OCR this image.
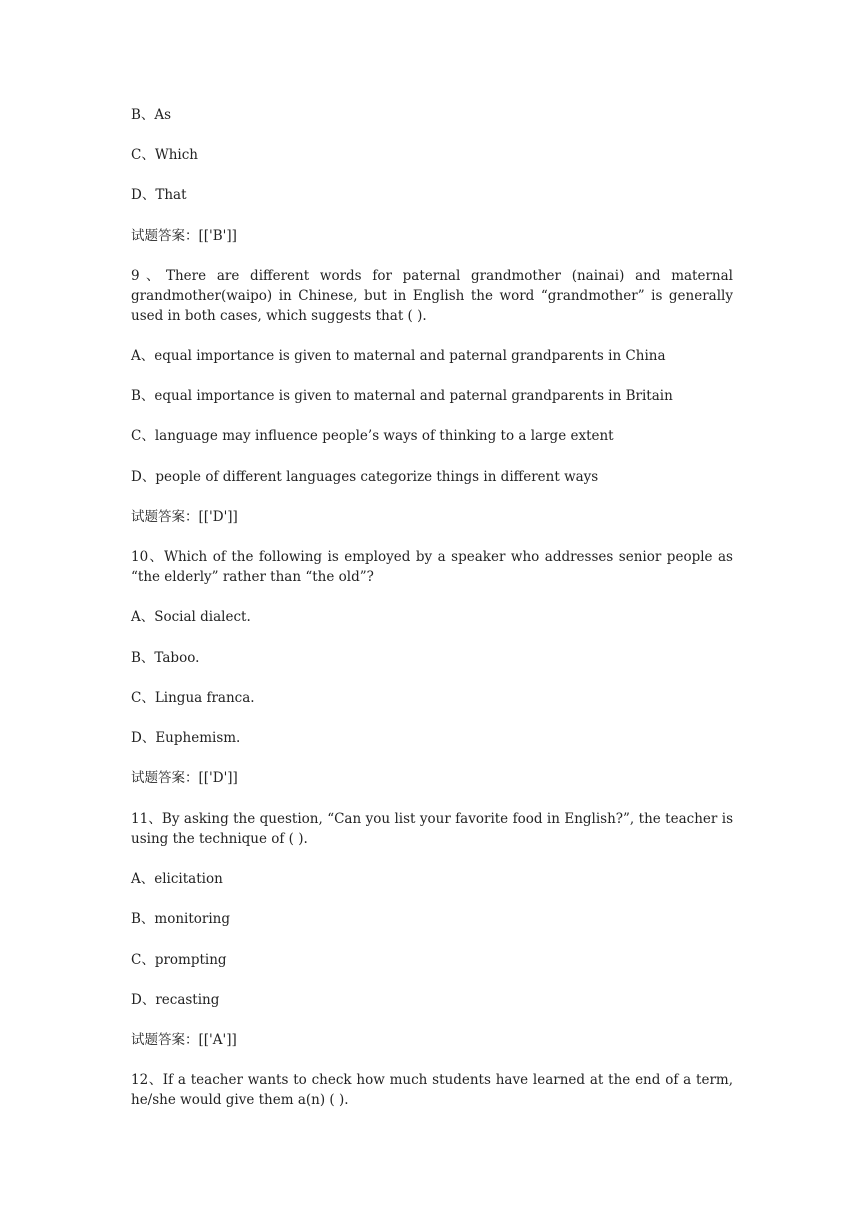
B、As
C、Which
D、That
试题答案：[['B']]
9、There are different words for paternal grandmother (nainai) and maternal grandmother(waipo) in Chinese, but in English the word “grandmother” is generally used in both cases, which suggests that ( ).
A、equal importance is given to maternal and paternal grandparents in China
B、equal importance is given to maternal and paternal grandparents in Britain
C、language may influence people’s ways of thinking to a large extent
D、people of different languages categorize things in different ways
试题答案：[['D']]
10、Which of the following is employed by a speaker who addresses senior people as “the elderly” rather than “the old”?
A、Social dialect.
B、Taboo.
C、Lingua franca.
D、Euphemism.
试题答案：[['D']]
11、By asking the question, “Can you list your favorite food in English?”, the teacher is using the technique of ( ).
A、elicitation
B、monitoring
C、prompting
D、recasting
试题答案：[['A']]
12、If a teacher wants to check how much students have learned at the end of a term, he/she would give them a(n) ( ).
